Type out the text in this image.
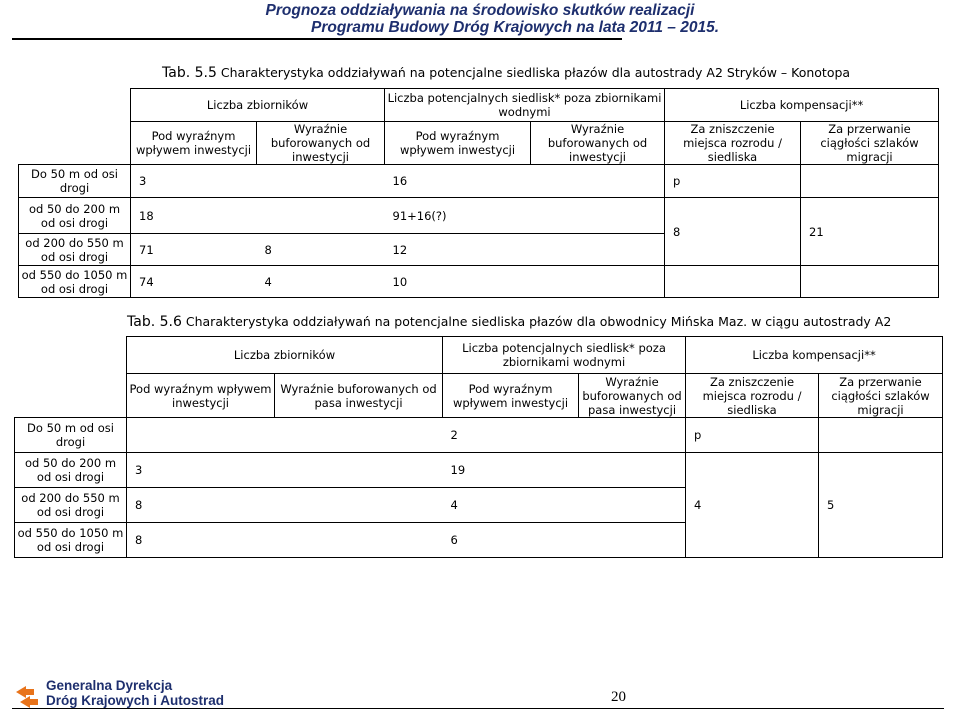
Prognoza oddziaływania na środowisko skutków realizacji
Programu Budowy Dróg Krajowych na lata 2011 – 2015.
Tab. 5.5 Charakterystyka oddziaływań na potencjalne siedliska płazów dla autostrady A2 Stryków – Konotopa
	Liczba zbiorników		Liczba potencjalnych siedlisk* poza zbiornikami wodnymi		Liczba kompensacji**	
	Pod wyraźnym wpływem inwestycji	Wyraźnie buforowanych od inwestycji	Pod wyraźnym wpływem inwestycji	Wyraźnie buforowanych od inwestycji	Za zniszczenie miejsca rozrodu / siedliska	Za przerwanie ciągłości szlaków migracji
Do 50 m od osi drogi	3		16		p	
od 50 do 200 m od osi drogi	18		91+16(?)		8	21
od 200 do 550 m od osi drogi	71	8	12			
od 550 do 1050 m od osi drogi	74	4	10			
Tab. 5.6 Charakterystyka oddziaływań na potencjalne siedliska płazów dla obwodnicy Mińska Maz. w ciągu autostrady A2
	Liczba zbiorników		Liczba potencjalnych siedlisk* poza zbiornikami wodnymi		Liczba kompensacji**	
	Pod wyraźnym wpływem inwestycji	Wyraźnie buforowanych od pasa inwestycji	Pod wyraźnym wpływem inwestycji	Wyraźnie buforowanych od pasa inwestycji	Za zniszczenie miejsca rozrodu / siedliska	Za przerwanie ciągłości szlaków migracji
Do 50 m od osi drogi			2		p	
od 50 do 200 m od osi drogi	3		19		4	5
od 200 do 550 m od osi drogi	8		4			
od 550 do 1050 m od osi drogi	8		6			
Generalna Dyrekcja
Dróg Krajowych i Autostrad	20
